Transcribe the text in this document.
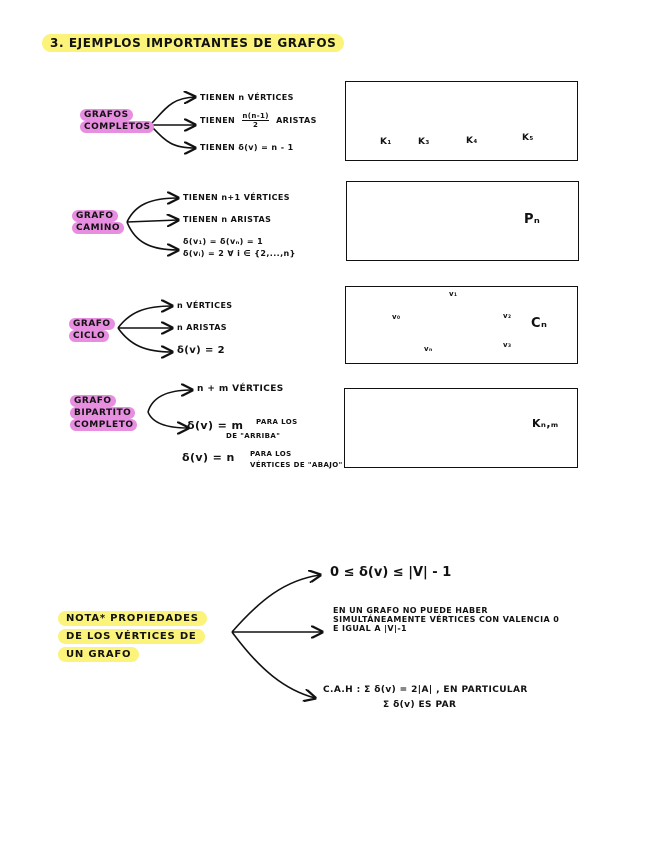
3. EJEMPLOS IMPORTANTES DE GRAFOS
K₁	K₃	K₄	K₅
Pₙ
Cₙ
v₀
v₁
v₂
v₃
vₙ
Kₙ,ₘ
GRAFOS
COMPLETOS
TIENEN n VÉRTICES
TIENEN $\frac{n(n-1)}{2}$ ARISTAS
TIENEN δ(v) = n - 1
GRAFO
CAMINO
TIENEN n+1 VÉRTICES
TIENEN n ARISTAS
δ(v₁) = δ(vₙ) = 1
δ(vᵢ) = 2 ∀ i ∈ {2,...,n}
GRAFO
CICLO
n VÉRTICES
n ARISTAS
δ(v) = 2
GRAFO
BIPARTITO
COMPLETO
n + m VÉRTICES
δ(v) = m PARA LOS
DE "ARRIBA"
δ(v) = n PARA LOS
VÉRTICES DE "ABAJO"
NOTA* PROPIEDADES
DE LOS VÉRTICES DE
UN GRAFO
0 ≤ δ(v) ≤ |V| - 1
EN UN GRAFO NO PUEDE HABER
SIMULTÁNEAMENTE VÉRTICES CON VALENCIA 0
E IGUAL A |V|-1
C.A.H : Σ δ(v) = 2|A| , EN PARTICULAR
Σ δ(v) ES PAR
